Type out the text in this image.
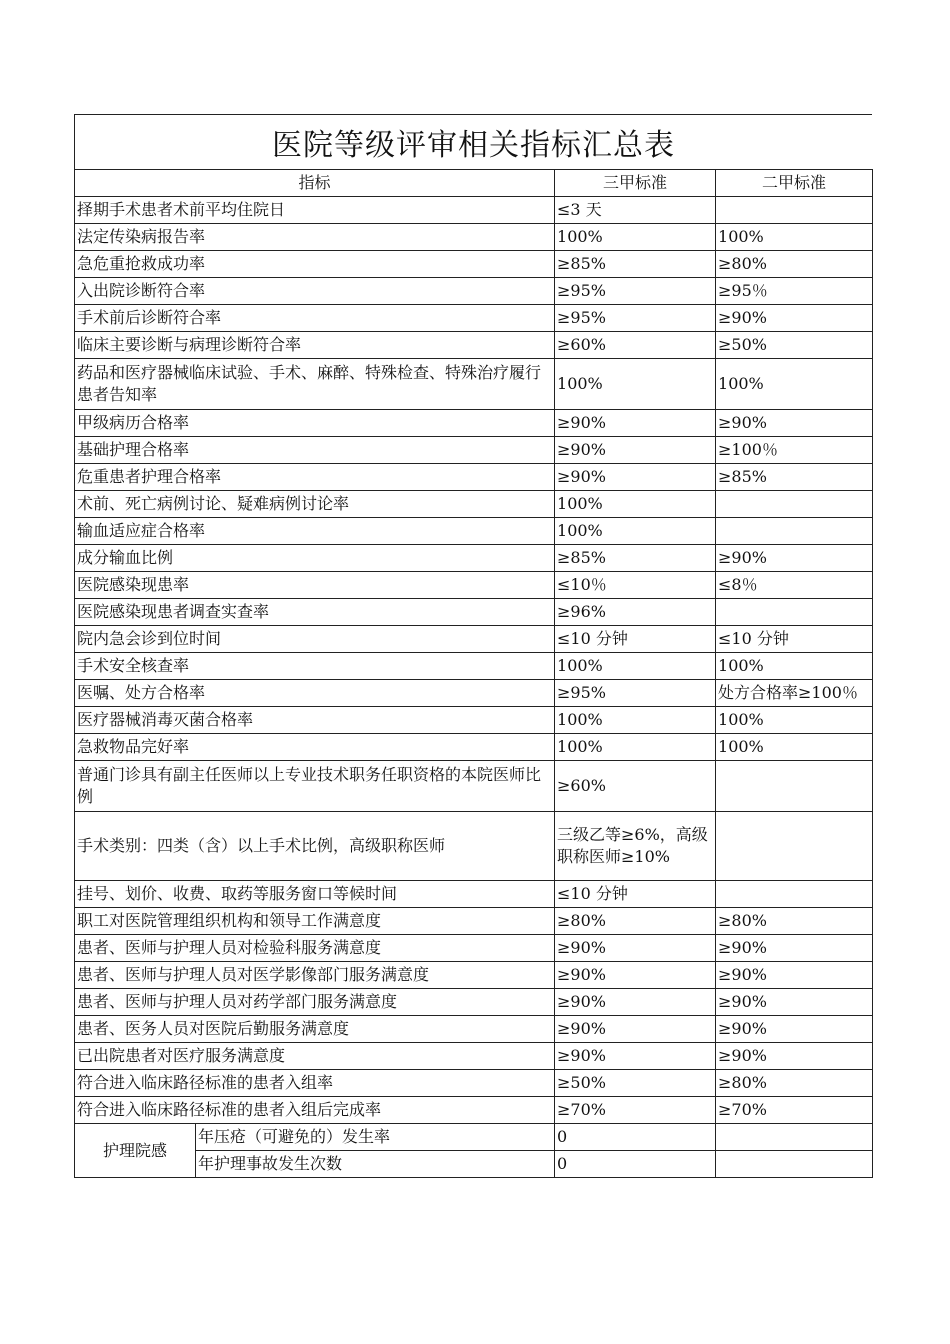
医院等级评审相关指标汇总表
指标		三甲标准	二甲标准
择期手术患者术前平均住院日		≤3 天	
法定传染病报告率		100%	100%
急危重抢救成功率		≥85%	≥80%
入出院诊断符合率		≥95%	≥95％
手术前后诊断符合率		≥95%	≥90%
临床主要诊断与病理诊断符合率		≥60%	≥50%
药品和医疗器械临床试验、手术、麻醉、特殊检查、特殊治疗履行患者告知率		100%	100%
甲级病历合格率		≥90%	≥90%
基础护理合格率		≥90%	≥100％
危重患者护理合格率		≥90%	≥85%
术前、死亡病例讨论、疑难病例讨论率		100%	
输血适应症合格率		100%	
成分输血比例		≥85%	≥90%
医院感染现患率		≤10％	≤8％
医院感染现患者调查实查率		≥96%	
院内急会诊到位时间		≤10 分钟	≤10 分钟
手术安全核查率		100%	100%
医嘱、处方合格率		≥95%	处方合格率≥100％
医疗器械消毒灭菌合格率		100%	100%
急救物品完好率		100%	100%
普通门诊具有副主任医师以上专业技术职务任职资格的本院医师比例		≥60%	
手术类别：四类（含）以上手术比例，高级职称医师		三级乙等≥6%，高级职称医师≥10%	
挂号、划价、收费、取药等服务窗口等候时间		≤10 分钟	
职工对医院管理组织机构和领导工作满意度		≥80%	≥80%
患者、医师与护理人员对检验科服务满意度		≥90%	≥90%
患者、医师与护理人员对医学影像部门服务满意度		≥90%	≥90%
患者、医师与护理人员对药学部门服务满意度		≥90%	≥90%
患者、医务人员对医院后勤服务满意度		≥90%	≥90%
已出院患者对医疗服务满意度		≥90%	≥90%
符合进入临床路径标准的患者入组率		≥50%	≥80%
符合进入临床路径标准的患者入组后完成率		≥70%	≥70%
护理院感	年压疮（可避免的）发生率	0	
	年护理事故发生次数	0	
